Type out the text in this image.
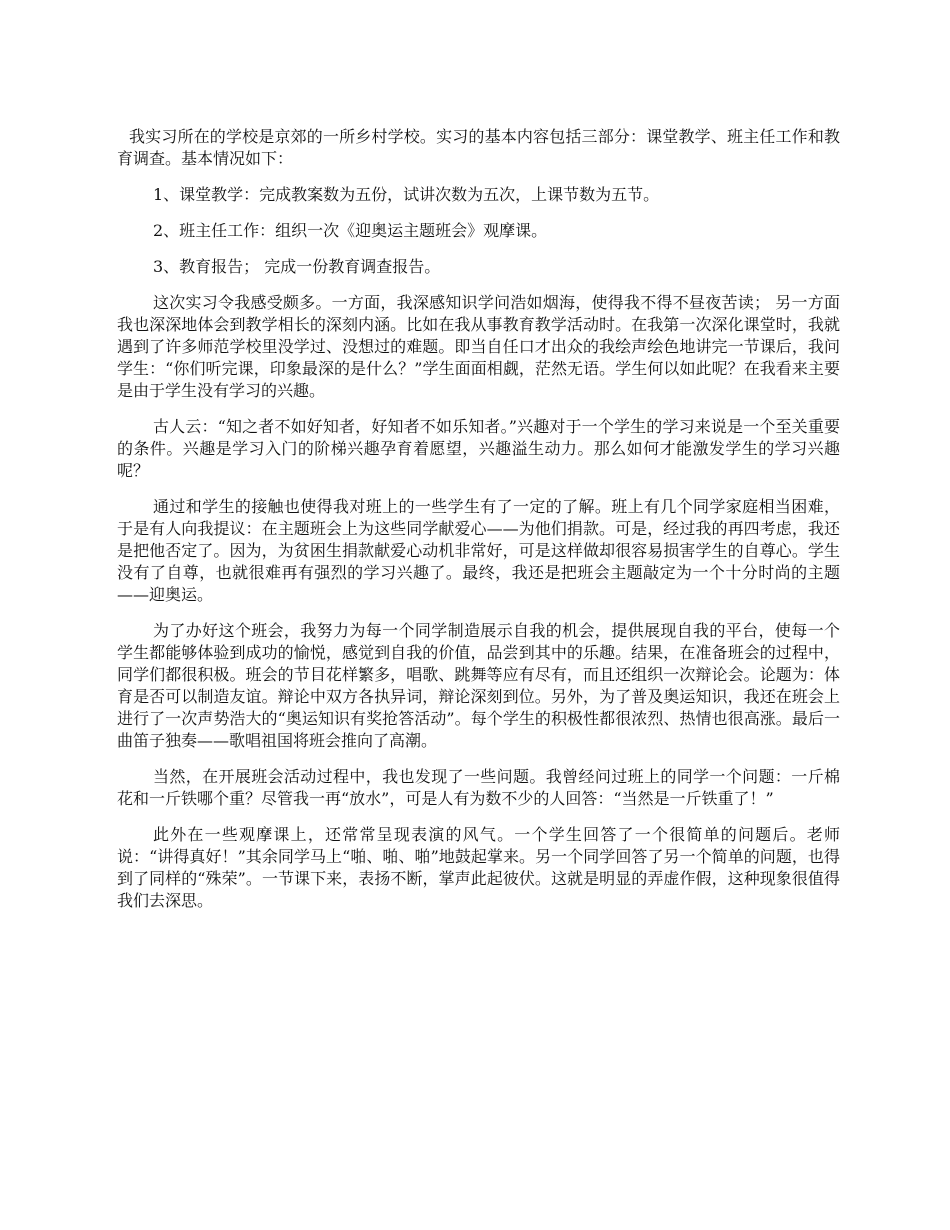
我实习所在的学校是京郊的一所乡村学校。实习的基本内容包括三部分：课堂教学、班主任工作和教育调查。基本情况如下：

1、课堂教学：完成教案数为五份，试讲次数为五次，上课节数为五节。

2、班主任工作：组织一次《迎奥运主题班会》观摩课。

3、教育报告； 完成一份教育调查报告。

这次实习令我感受颇多。一方面，我深感知识学问浩如烟海，使得我不得不昼夜苦读； 另一方面我也深深地体会到教学相长的深刻内涵。比如在我从事教育教学活动时。在我第一次深化课堂时，我就遇到了许多师范学校里没学过、没想过的难题。即当自任口才出众的我绘声绘色地讲完一节课后，我问学生：“你们听完课，印象最深的是什么？”学生面面相觑，茫然无语。学生何以如此呢？在我看来主要是由于学生没有学习的兴趣。

古人云：“知之者不如好知者，好知者不如乐知者。”兴趣对于一个学生的学习来说是一个至关重要的条件。兴趣是学习入门的阶梯兴趣孕育着愿望，兴趣溢生动力。那么如何才能激发学生的学习兴趣呢？

通过和学生的接触也使得我对班上的一些学生有了一定的了解。班上有几个同学家庭相当困难，于是有人向我提议：在主题班会上为这些同学献爱心——为他们捐款。可是，经过我的再四考虑，我还是把他否定了。因为，为贫困生捐款献爱心动机非常好，可是这样做却很容易损害学生的自尊心。学生没有了自尊，也就很难再有强烈的学习兴趣了。最终，我还是把班会主题敲定为一个十分时尚的主题——迎奥运。

为了办好这个班会，我努力为每一个同学制造展示自我的机会，提供展现自我的平台，使每一个学生都能够体验到成功的愉悦，感觉到自我的价值，品尝到其中的乐趣。结果，在准备班会的过程中，同学们都很积极。班会的节目花样繁多，唱歌、跳舞等应有尽有，而且还组织一次辩论会。论题为：体育是否可以制造友谊。辩论中双方各执异词，辩论深刻到位。另外，为了普及奥运知识，我还在班会上进行了一次声势浩大的“奥运知识有奖抢答活动”。每个学生的积极性都很浓烈、热情也很高涨。最后一曲笛子独奏——歌唱祖国将班会推向了高潮。

当然，在开展班会活动过程中，我也发现了一些问题。我曾经问过班上的同学一个问题：一斤棉花和一斤铁哪个重？尽管我一再“放水”，可是人有为数不少的人回答：“当然是一斤铁重了！”

此外在一些观摩课上，还常常呈现表演的风气。一个学生回答了一个很简单的问题后。老师说：“讲得真好！”其余同学马上“啪、啪、啪”地鼓起掌来。另一个同学回答了另一个简单的问题，也得到了同样的“殊荣”。一节课下来，表扬不断，掌声此起彼伏。这就是明显的弄虚作假，这种现象很值得我们去深思。
